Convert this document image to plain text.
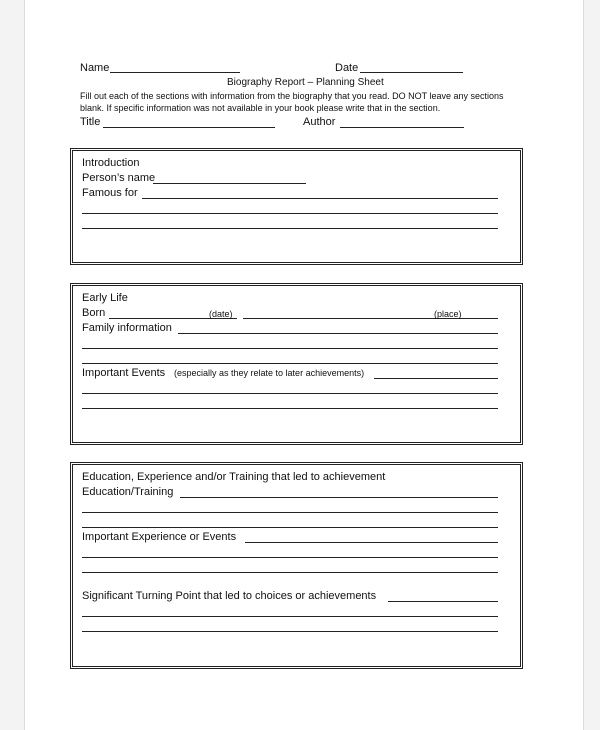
Name	Date
Biography Report – Planning Sheet
Fill out each of the sections with information from the biography that you read. DO NOT leave any sections
blank. If specific information was not available in your book please write that in the section.
Title	Author
Introduction
Person’s name
Famous for
Early Life
Born	(date)	(place)
Family information
Important Events (especially as they relate to later achievements)
Education, Experience and/or Training that led to achievement
Education/Training
Important Experience or Events
Significant Turning Point that led to choices or achievements
